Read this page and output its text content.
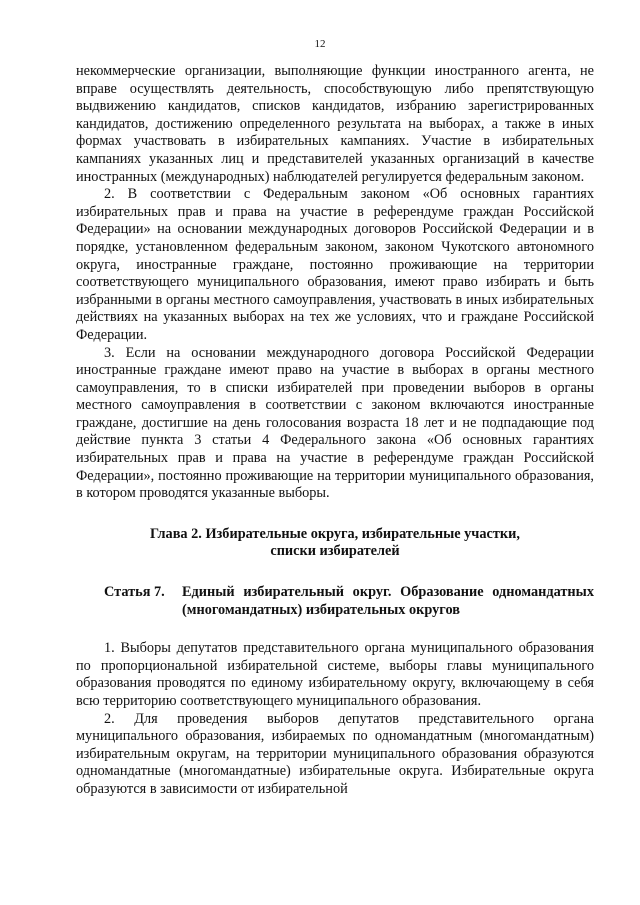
12

некоммерческие организации, выполняющие функции иностранного агента, не вправе осуществлять деятельность, способствующую либо препятствующую выдвижению кандидатов, списков кандидатов, избранию зарегистрированных кандидатов, достижению определенного результата на выборах, а также в иных формах участвовать в избирательных кампаниях. Участие в избирательных кампаниях указанных лиц и представителей указанных организаций в качестве иностранных (международных) наблюдателей регулируется федеральным законом.

2. В соответствии с Федеральным законом «Об основных гарантиях избирательных прав и права на участие в референдуме граждан Российской Федерации» на основании международных договоров Российской Федерации и в порядке, установленном федеральным законом, законом Чукотского автономного округа, иностранные граждане, постоянно проживающие на территории соответствующего муниципального образования, имеют право избирать и быть избранными в органы местного самоуправления, участвовать в иных избирательных действиях на указанных выборах на тех же условиях, что и граждане Российской Федерации.

3. Если на основании международного договора Российской Федерации иностранные граждане имеют право на участие в выборах в органы местного самоуправления, то в списки избирателей при проведении выборов в органы местного самоуправления в соответствии с законом включаются иностранные граждане, достигшие на день голосования возраста 18 лет и не подпадающие под действие пункта 3 статьи 4 Федерального закона «Об основных гарантиях избирательных прав и права на участие в референдуме граждан Российской Федерации», постоянно проживающие на территории муниципального образования, в котором проводятся указанные выборы.

Глава 2. Избирательные округа, избирательные участки,
списки избирателей
Статья 7.	Единый избирательный округ. Образование одномандатных (многомандатных) избирательных округов

1. Выборы депутатов представительного органа муниципального образования по пропорциональной избирательной системе, выборы главы муниципального образования проводятся по единому избирательному округу, включающему в себя всю территорию соответствующего муниципального образования.

2. Для проведения выборов депутатов представительного органа муниципального образования, избираемых по одномандатным (многомандатным) избирательным округам, на территории муниципального образования образуются одномандатные (многомандатные) избирательные округа. Избирательные округа образуются в зависимости от избирательной
